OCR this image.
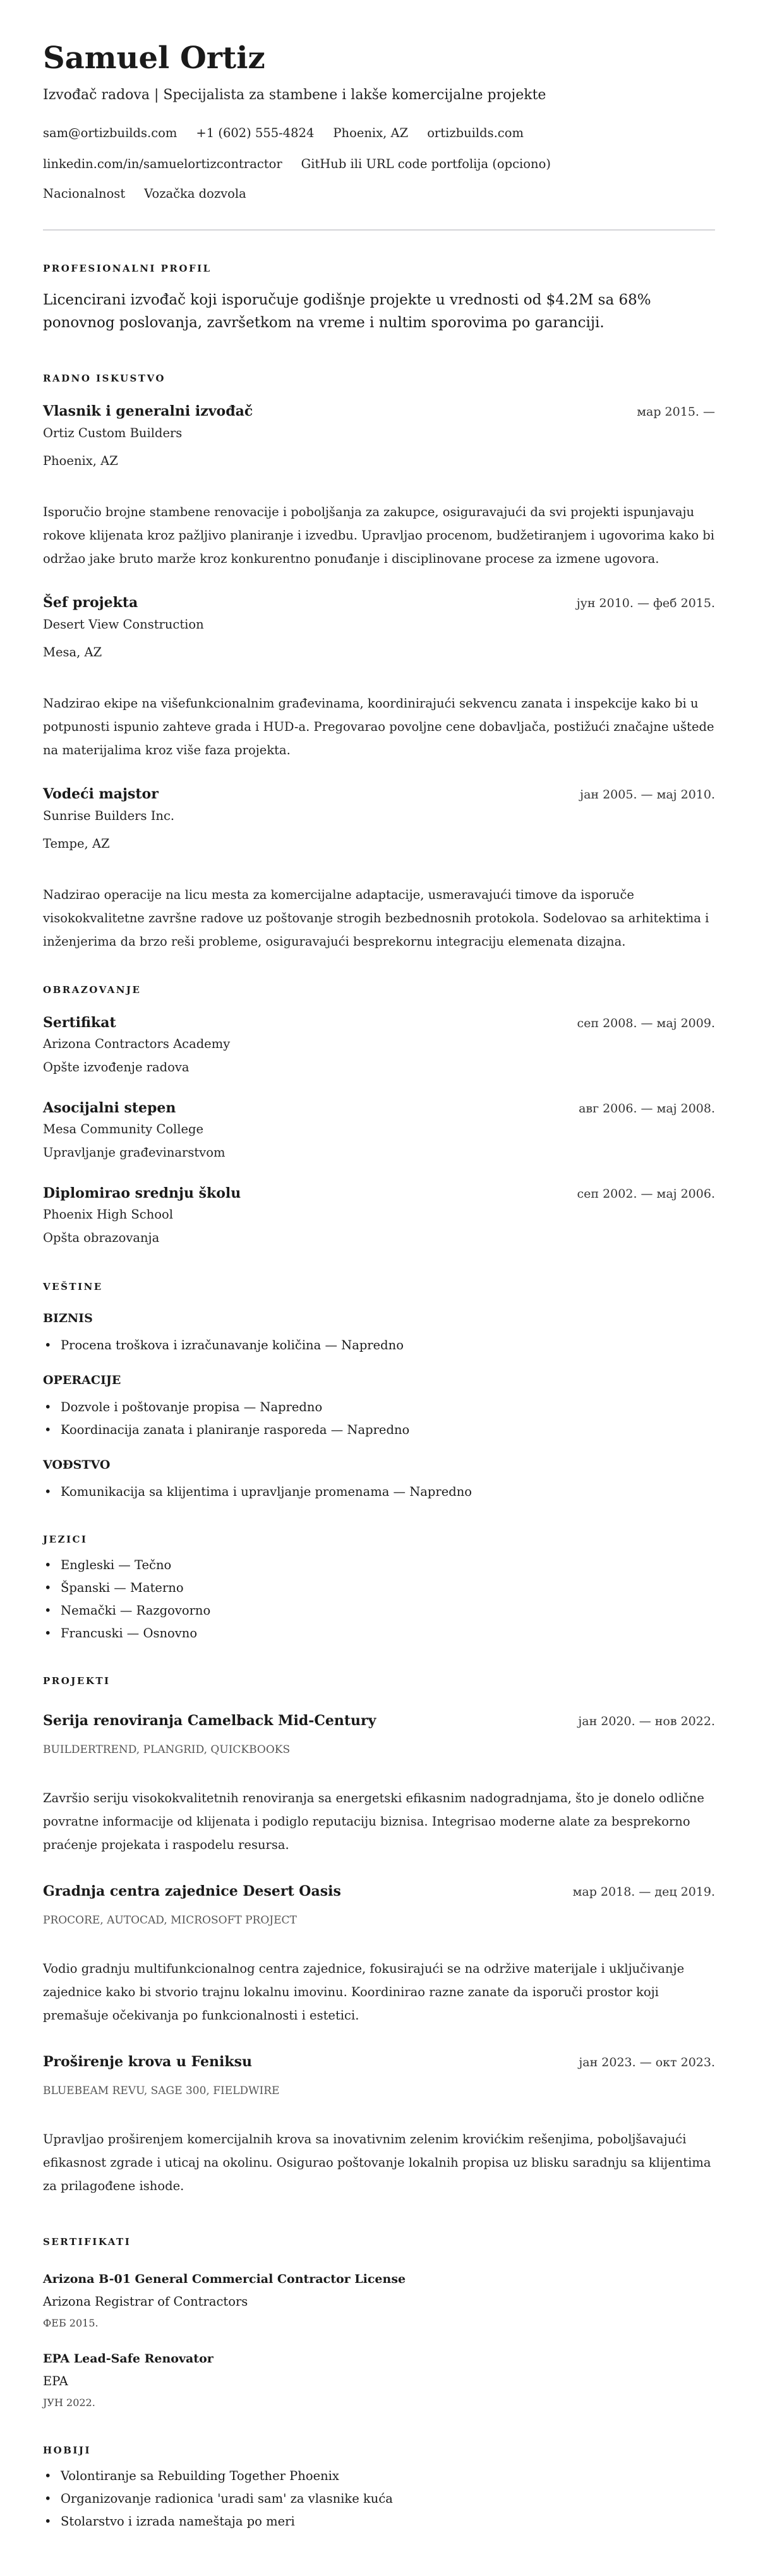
Samuel Ortiz
Izvođač radova | Specijalista za stambene i lakše komercijalne projekte
sam@ortizbuilds.com +1 (602) 555-4824 Phoenix, AZ ortizbuilds.com
linkedin.com/in/samuelortizcontractor GitHub ili URL code portfolija (opciono)
Nacionalnost Vozačka dozvola
PROFESIONALNI PROFIL
Licencirani izvođač koji isporučuje godišnje projekte u vrednosti od $4.2M sa 68% ponovnog poslovanja, završetkom na vreme i nultim sporovima po garanciji.
RADNO ISKUSTVO
Vlasnik i generalni izvođač	мар 2015. —
Ortiz Custom Builders
Phoenix, AZ
Isporučio brojne stambene renovacije i poboljšanja za zakupce, osiguravajući da svi projekti ispunjavaju rokove klijenata kroz pažljivo planiranje i izvedbu. Upravljao procenom, budžetiranjem i ugovorima kako bi održao jake bruto marže kroz konkurentno ponuđanje i disciplinovane procese za izmene ugovora.
Šef projekta	јун 2010. — феб 2015.
Desert View Construction
Mesa, AZ
Nadzirao ekipe na višefunkcionalnim građevinama, koordinirajući sekvencu zanata i inspekcije kako bi u potpunosti ispunio zahteve grada i HUD-a. Pregovarao povoljne cene dobavljača, postižući značajne uštede na materijalima kroz više faza projekta.
Vodeći majstor	јан 2005. — мај 2010.
Sunrise Builders Inc.
Tempe, AZ
Nadzirao operacije na licu mesta za komercijalne adaptacije, usmeravajući timove da isporuče visokokvalitetne završne radove uz poštovanje strogih bezbednosnih protokola. Sodelovao sa arhitektima i inženjerima da brzo reši probleme, osiguravajući besprekornu integraciju elemenata dizajna.
OBRAZOVANJE
Sertifikat	сеп 2008. — мај 2009.
Arizona Contractors Academy
Opšte izvođenje radova
Asocijalni stepen	авг 2006. — мај 2008.
Mesa Community College
Upravljanje građevinarstvom
Diplomirao srednju školu	сеп 2002. — мај 2006.
Phoenix High School
Opšta obrazovanja
VEŠTINE
BIZNIS
• Procena troškova i izračunavanje količina — Napredno
OPERACIJE
• Dozvole i poštovanje propisa — Napredno
• Koordinacija zanata i planiranje rasporeda — Napredno
VOĐSTVO
• Komunikacija sa klijentima i upravljanje promenama — Napredno
JEZICI
• Engleski — Tečno
• Španski — Materno
• Nemački — Razgovorno
• Francuski — Osnovno
PROJEKTI
Serija renoviranja Camelback Mid-Century	јан 2020. — нов 2022.
BUILDERTREND, PLANGRID, QUICKBOOKS
Završio seriju visokokvalitetnih renoviranja sa energetski efikasnim nadogradnjama, što je donelo odlične povratne informacije od klijenata i podiglo reputaciju biznisa. Integrisao moderne alate za besprekorno praćenje projekata i raspodelu resursa.
Gradnja centra zajednice Desert Oasis	мар 2018. — дец 2019.
PROCORE, AUTOCAD, MICROSOFT PROJECT
Vodio gradnju multifunkcionalnog centra zajednice, fokusirajući se na održive materijale i uključivanje zajednice kako bi stvorio trajnu lokalnu imovinu. Koordinirao razne zanate da isporuči prostor koji premašuje očekivanja po funkcionalnosti i estetici.
Proširenje krova u Feniksu	јан 2023. — окт 2023.
BLUEBEAM REVU, SAGE 300, FIELDWIRE
Upravljao proširenjem komercijalnih krova sa inovativnim zelenim krovićkim rešenjima, poboljšavajući efikasnost zgrade i uticaj na okolinu. Osigurao poštovanje lokalnih propisa uz blisku saradnju sa klijentima za prilagođene ishode.
SERTIFIKATI
Arizona B-01 General Commercial Contractor License
Arizona Registrar of Contractors
ФЕБ 2015.
EPA Lead-Safe Renovator
EPA
ЈУН 2022.
HOBIJI
• Volontiranje sa Rebuilding Together Phoenix
• Organizovanje radionica 'uradi sam' za vlasnike kuća
• Stolarstvo i izrada nameštaja po meri
